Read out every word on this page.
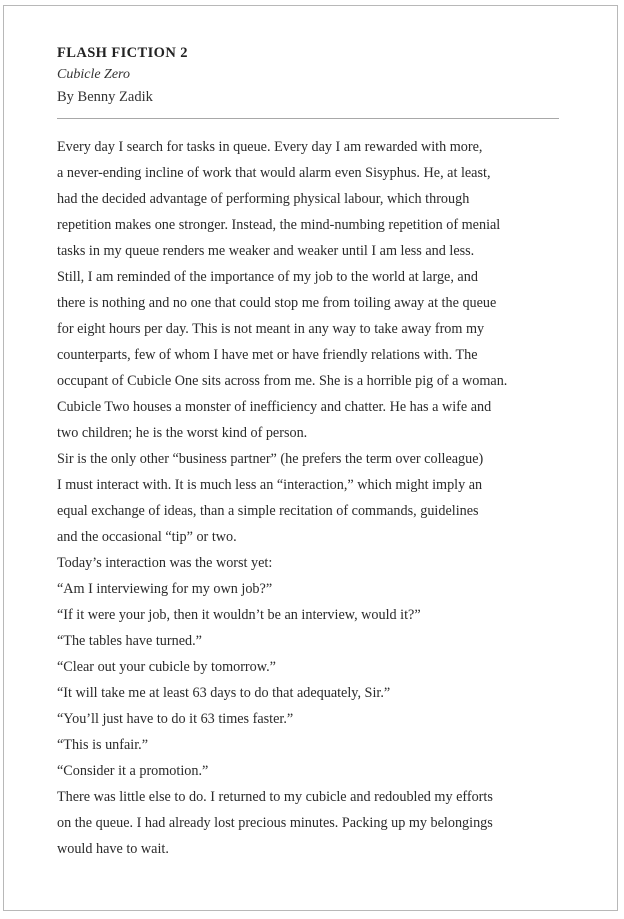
FLASH FICTION 2
Cubicle Zero
By Benny Zadik
Every day I search for tasks in queue. Every day I am rewarded with more,
a never-ending incline of work that would alarm even Sisyphus. He, at least,
had the decided advantage of performing physical labour, which through
repetition makes one stronger. Instead, the mind-numbing repetition of menial
tasks in my queue renders me weaker and weaker until I am less and less.
Still, I am reminded of the importance of my job to the world at large, and
there is nothing and no one that could stop me from toiling away at the queue
for eight hours per day. This is not meant in any way to take away from my
counterparts, few of whom I have met or have friendly relations with. The
occupant of Cubicle One sits across from me. She is a horrible pig of a woman.
Cubicle Two houses a monster of inefficiency and chatter. He has a wife and
two children; he is the worst kind of person.
Sir is the only other “business partner” (he prefers the term over colleague)
I must interact with. It is much less an “interaction,” which might imply an
equal exchange of ideas, than a simple recitation of commands, guidelines
and the occasional “tip” or two.
Today’s interaction was the worst yet:
“Am I interviewing for my own job?”
“If it were your job, then it wouldn’t be an interview, would it?”
“The tables have turned.”
“Clear out your cubicle by tomorrow.”
“It will take me at least 63 days to do that adequately, Sir.”
“You’ll just have to do it 63 times faster.”
“This is unfair.”
“Consider it a promotion.”
There was little else to do. I returned to my cubicle and redoubled my efforts
on the queue. I had already lost precious minutes. Packing up my belongings
would have to wait.
